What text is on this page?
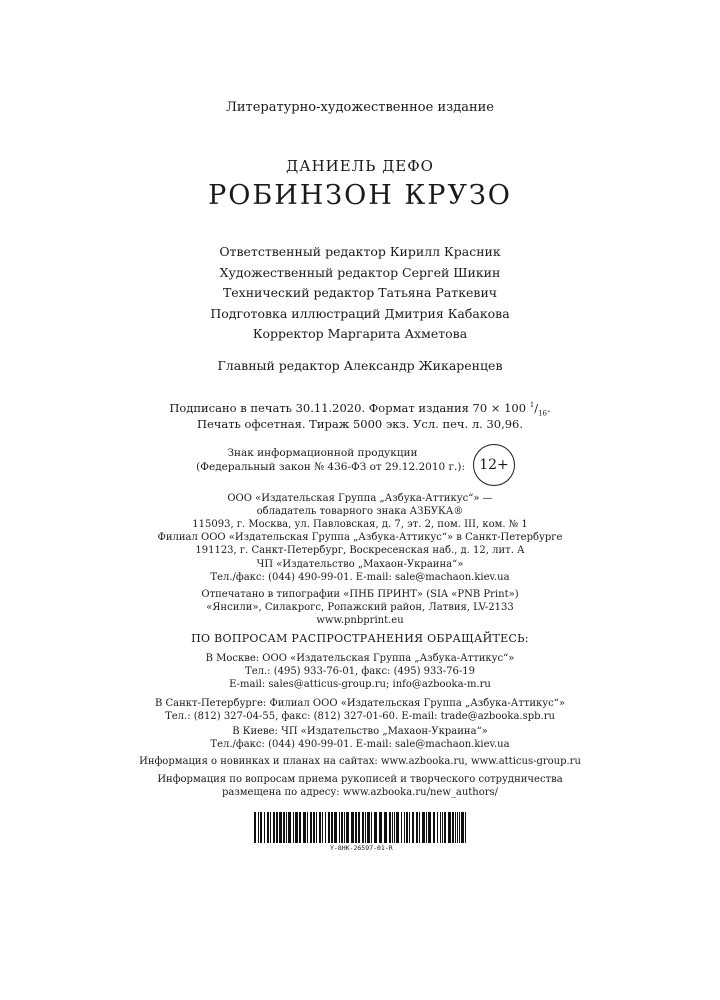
Литературно-художественное издание
ДАНИЕЛЬ ДЕФО
РОБИНЗОН КРУЗО
Ответственный редактор Кирилл Красник
Художественный редактор Сергей Шикин
Технический редактор Татьяна Раткевич
Подготовка иллюстраций Дмитрия Кабакова
Корректор Маргарита Ахметова
Главный редактор Александр Жикаренцев
Подписано в печать 30.11.2020. Формат издания 70 × 100 $^1/_{16}$.
Печать офсетная. Тираж 5000 экз. Усл. печ. л. 30,96.
Знак информационной продукции
(Федеральный закон № 436-ФЗ от 29.12.2010 г.):	12+
ООО «Издательская Группа „Азбука-Аттикус“» —
обладатель товарного знака АЗБУКА®
115093, г. Москва, ул. Павловская, д. 7, эт. 2, пом. III, ком. № 1
Филиал ООО «Издательская Группа „Азбука-Аттикус“» в Санкт-Петербурге
191123, г. Санкт-Петербург, Воскресенская наб., д. 12, лит. А
ЧП «Издательство „Махаон-Украина“»
Тел./факс: (044) 490-99-01. E-mail: sale@machaon.kiev.ua
Отпечатано в типографии «ПНБ ПРИНТ» (SIA «PNB Print»)
«Янсили», Силакрогс, Ропажский район, Латвия, LV-2133
www.pnbprint.eu
ПО ВОПРОСАМ РАСПРОСТРАНЕНИЯ ОБРАЩАЙТЕСЬ:
В Москве: ООО «Издательская Группа „Азбука-Аттикус“»
Тел.: (495) 933-76-01, факс: (495) 933-76-19
E-mail: sales@atticus-group.ru; info@azbooka-m.ru
В Санкт-Петербурге: Филиал ООО «Издательская Группа „Азбука-Аттикус“»
Тел.: (812) 327-04-55, факс: (812) 327-01-60. E-mail: trade@azbooka.spb.ru
В Киеве: ЧП «Издательство „Махаон-Украина“»
Тел./факс: (044) 490-99-01. E-mail: sale@machaon.kiev.ua
Информация о новинках и планах на сайтах: www.azbooka.ru, www.atticus-group.ru
Информация по вопросам приема рукописей и творческого сотрудничества
размещена по адресу: www.azbooka.ru/new_authors/
Y-8HK-26597-01-R
